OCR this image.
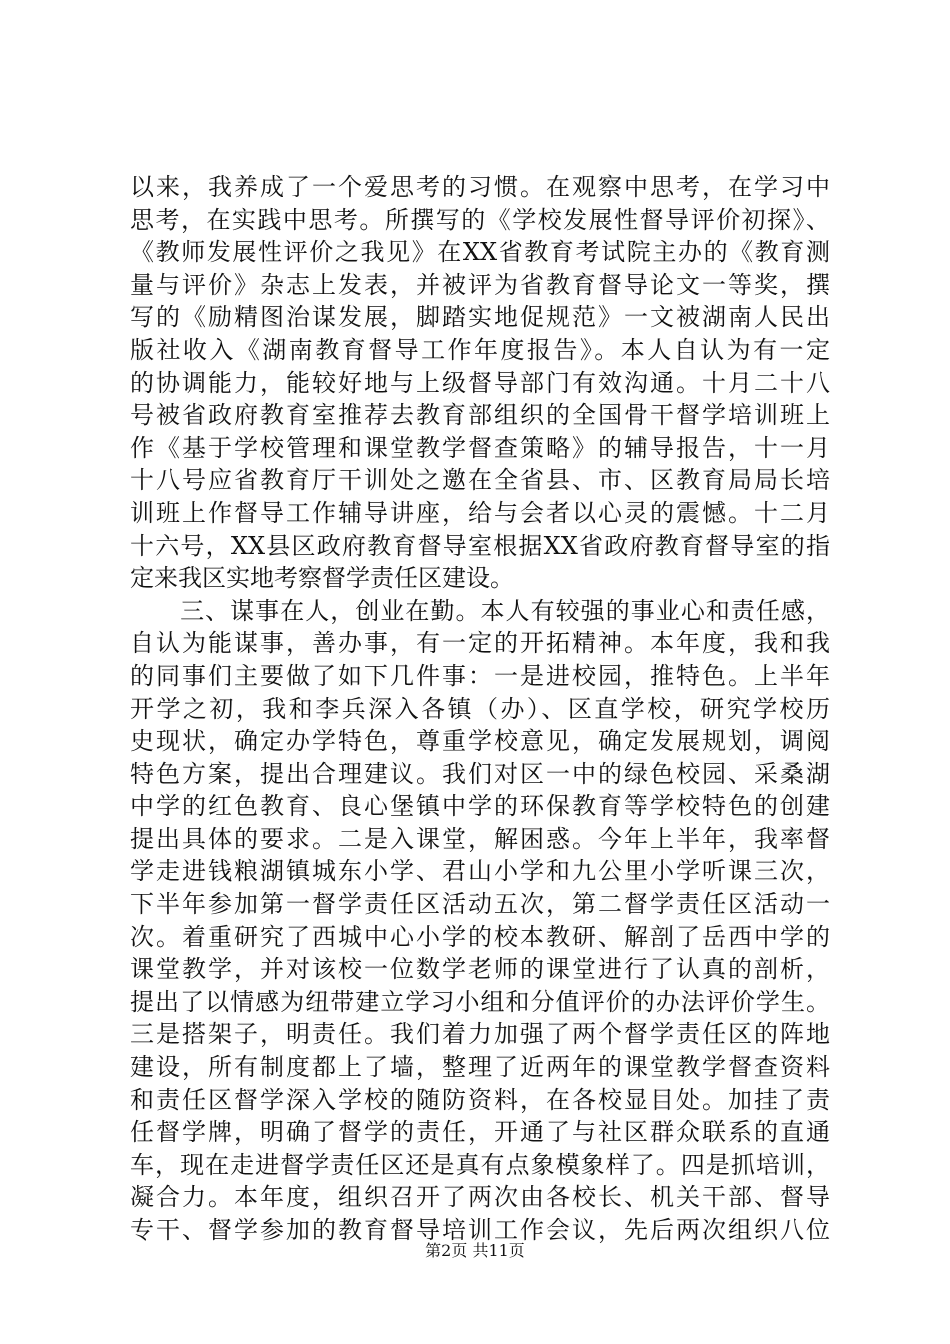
以来，我养成了一个爱思考的习惯。在观察中思考，在学习中
思考，在实践中思考。所撰写的《学校发展性督导评价初探》、
《教师发展性评价之我见》在XX省教育考试院主办的《教育测
量与评价》杂志上发表，并被评为省教育督导论文一等奖，撰
写的《励精图治谋发展，脚踏实地促规范》一文被湖南人民出
版社收入《湖南教育督导工作年度报告》。本人自认为有一定
的协调能力，能较好地与上级督导部门有效沟通。十月二十八
号被省政府教育室推荐去教育部组织的全国骨干督学培训班上
作《基于学校管理和课堂教学督查策略》的辅导报告，十一月
十八号应省教育厅干训处之邀在全省县、市、区教育局局长培
训班上作督导工作辅导讲座，给与会者以心灵的震憾。十二月
十六号，XX县区政府教育督导室根据XX省政府教育督导室的指
定来我区实地考察督学责任区建设。
　　三、谋事在人，创业在勤。本人有较强的事业心和责任感，
自认为能谋事，善办事，有一定的开拓精神。本年度，我和我
的同事们主要做了如下几件事：一是进校园，推特色。上半年
开学之初，我和李兵深入各镇（办）、区直学校，研究学校历
史现状，确定办学特色，尊重学校意见，确定发展规划，调阅
特色方案，提出合理建议。我们对区一中的绿色校园、采桑湖
中学的红色教育、良心堡镇中学的环保教育等学校特色的创建
提出具体的要求。二是入课堂，解困惑。今年上半年，我率督
学走进钱粮湖镇城东小学、君山小学和九公里小学听课三次，
下半年参加第一督学责任区活动五次，第二督学责任区活动一
次。着重研究了西城中心小学的校本教研、解剖了岳西中学的
课堂教学，并对该校一位数学老师的课堂进行了认真的剖析，
提出了以情感为纽带建立学习小组和分值评价的办法评价学生。
三是搭架子，明责任。我们着力加强了两个督学责任区的阵地
建设，所有制度都上了墙，整理了近两年的课堂教学督查资料
和责任区督学深入学校的随防资料，在各校显目处。加挂了责
任督学牌，明确了督学的责任，开通了与社区群众联系的直通
车，现在走进督学责任区还是真有点象模象样了。四是抓培训，
凝合力。本年度，组织召开了两次由各校长、机关干部、督导
专干、督学参加的教育督导培训工作会议，先后两次组织八位
第2页 共11页
